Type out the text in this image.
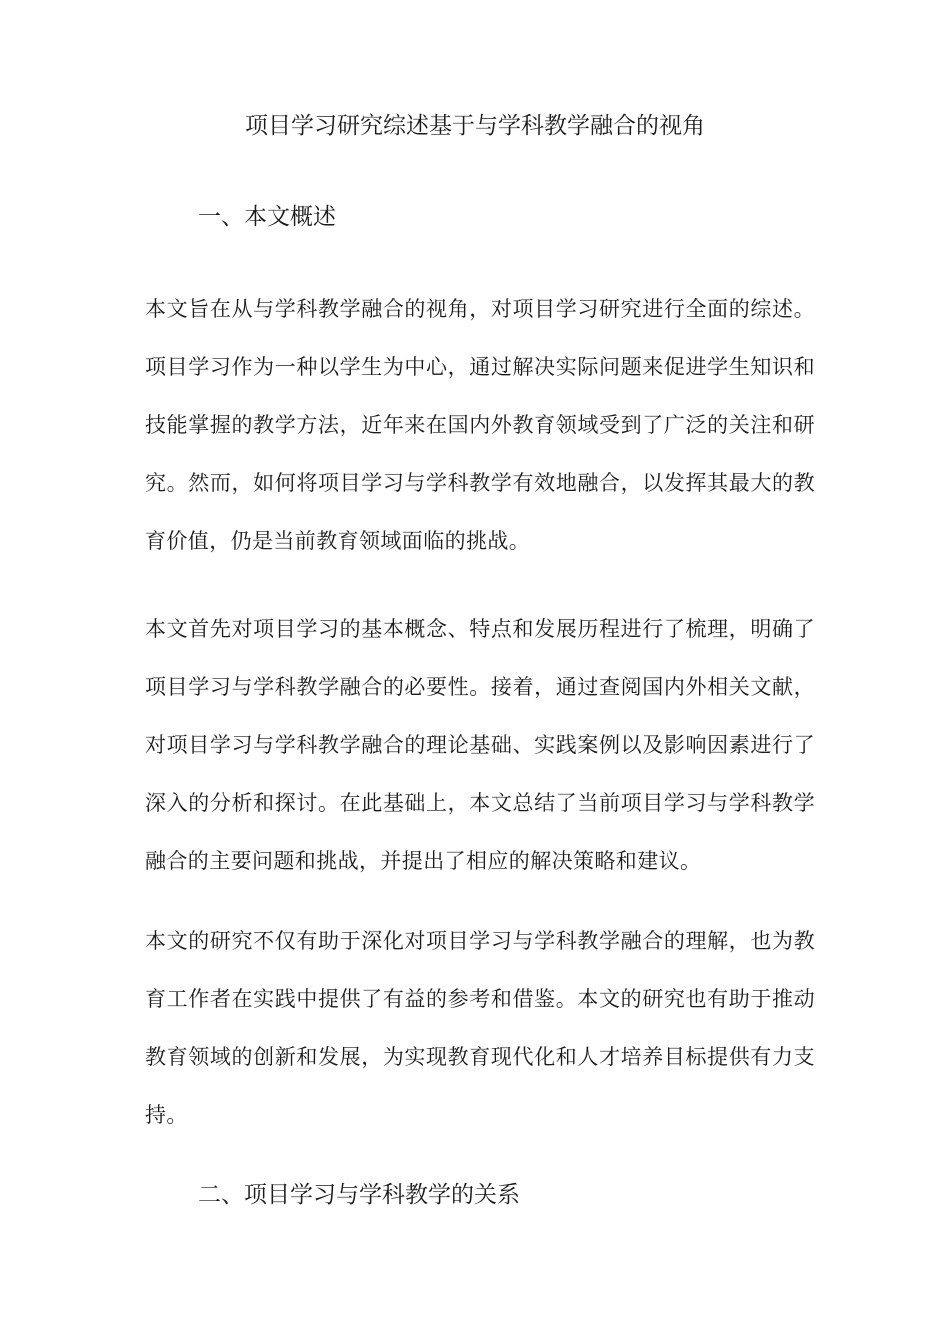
项目学习研究综述基于与学科教学融合的视角
一、本文概述

本文旨在从与学科教学融合的视角，对项目学习研究进行全面的综述。项目学习作为一种以学生为中心，通过解决实际问题来促进学生知识和技能掌握的教学方法，近年来在国内外教育领域受到了广泛的关注和研究。然而，如何将项目学习与学科教学有效地融合，以发挥其最大的教育价值，仍是当前教育领域面临的挑战。

本文首先对项目学习的基本概念、特点和发展历程进行了梳理，明确了项目学习与学科教学融合的必要性。接着，通过查阅国内外相关文献，对项目学习与学科教学融合的理论基础、实践案例以及影响因素进行了深入的分析和探讨。在此基础上，本文总结了当前项目学习与学科教学融合的主要问题和挑战，并提出了相应的解决策略和建议。

本文的研究不仅有助于深化对项目学习与学科教学融合的理解，也为教育工作者在实践中提供了有益的参考和借鉴。本文的研究也有助于推动教育领域的创新和发展，为实现教育现代化和人才培养目标提供有力支持。

二、项目学习与学科教学的关系
